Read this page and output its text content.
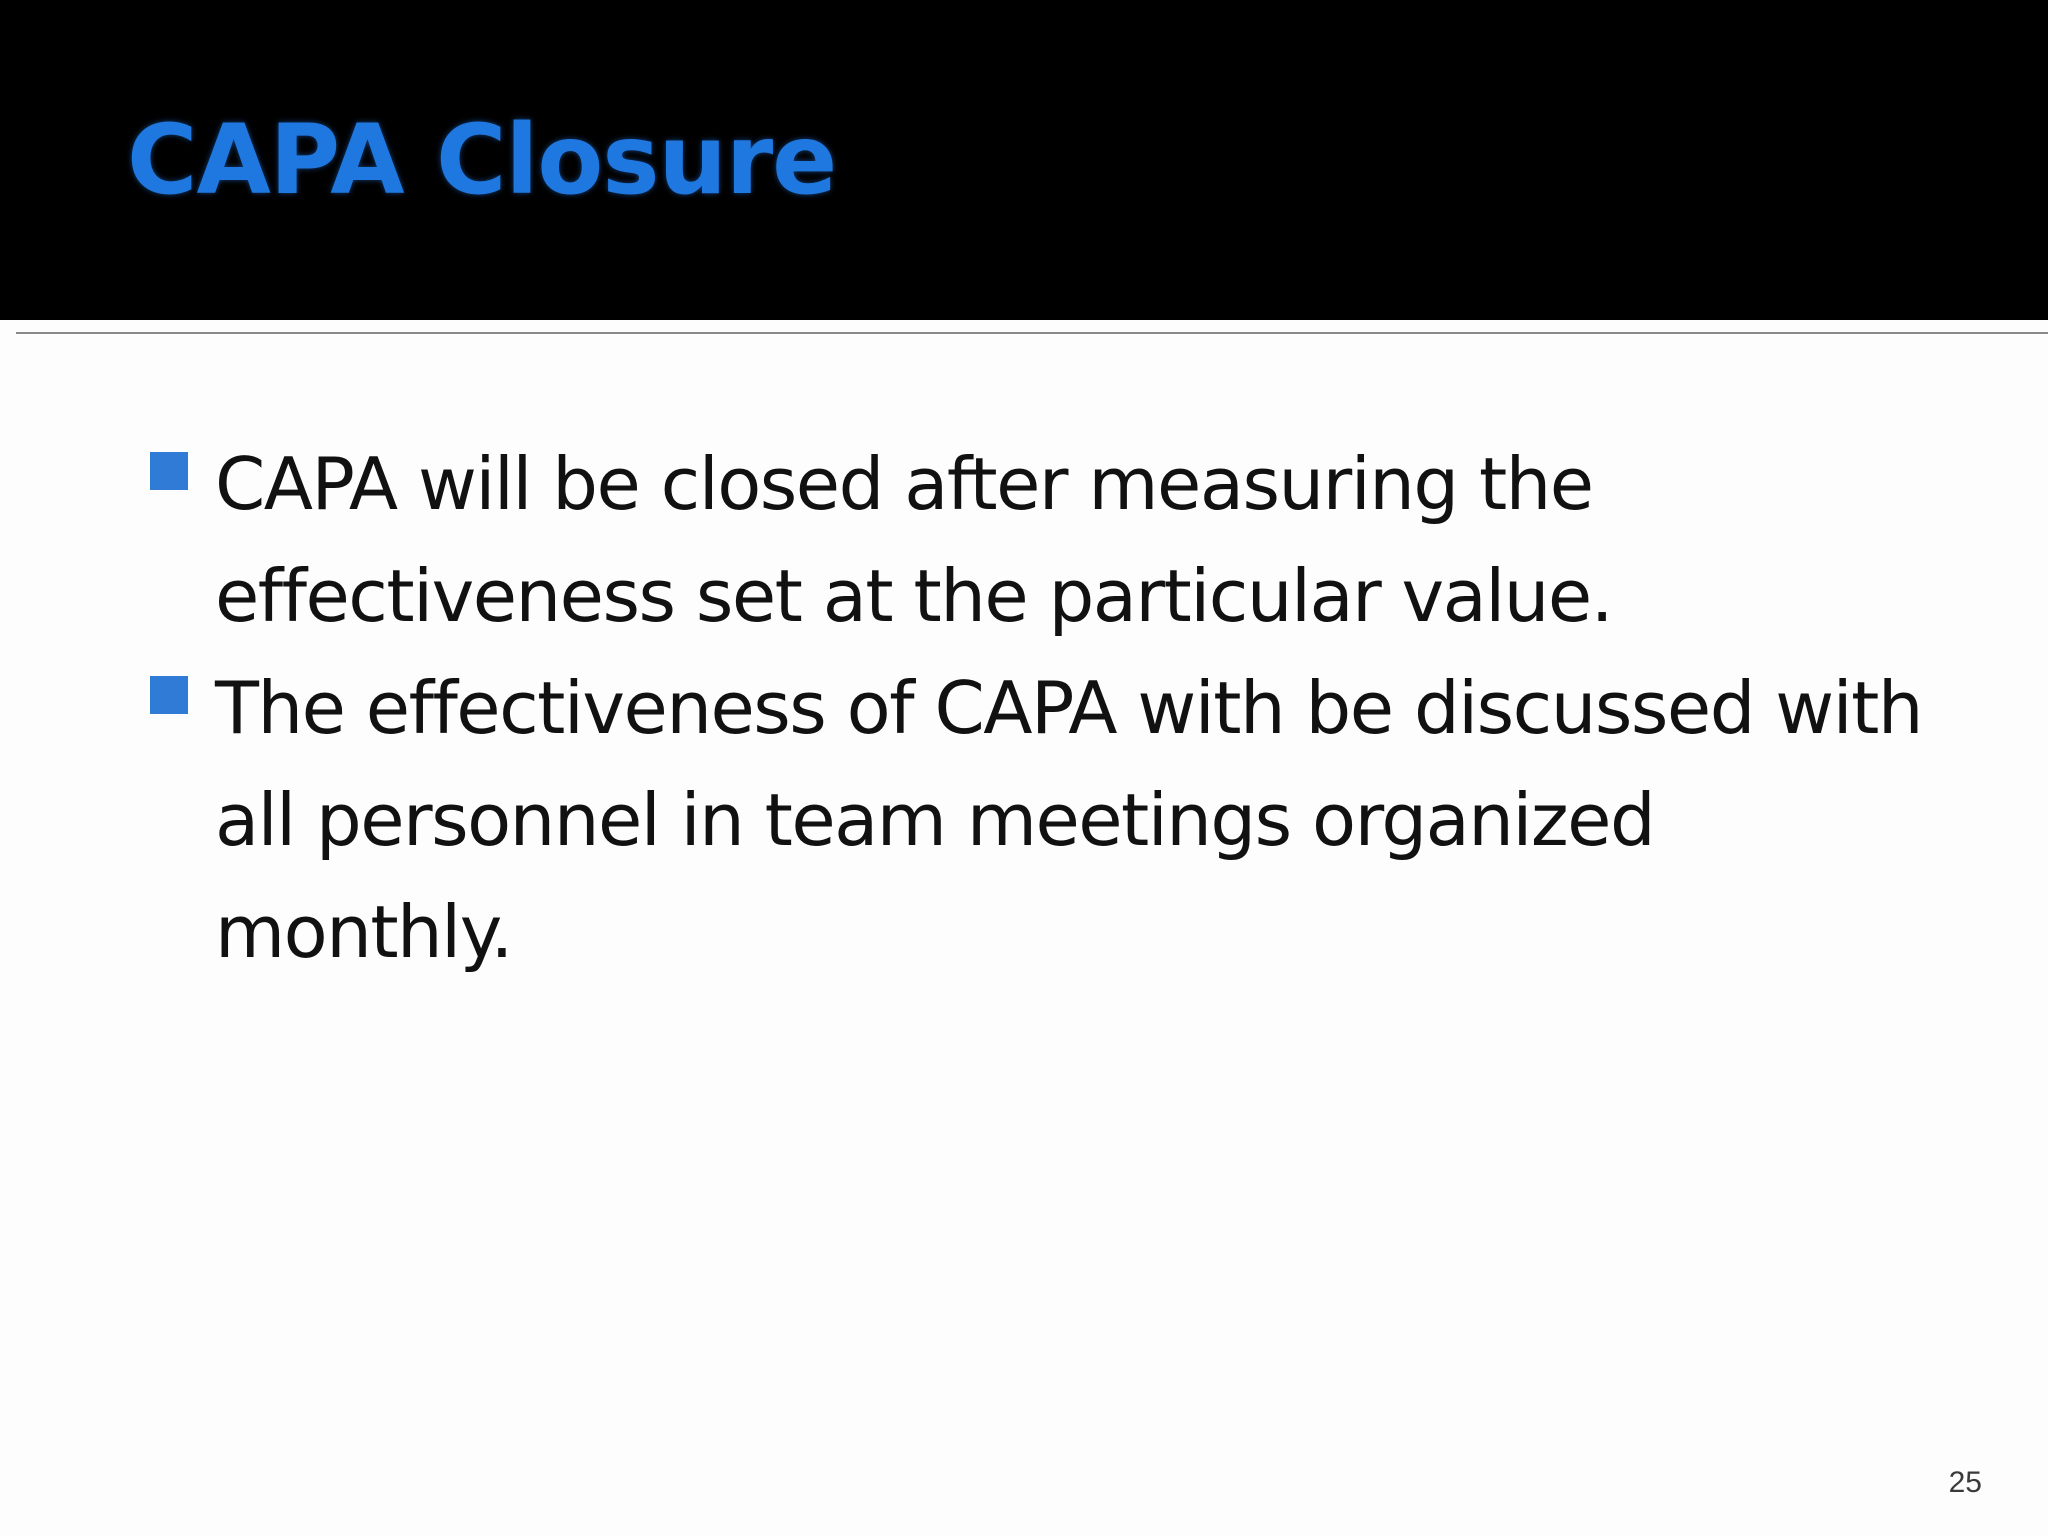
CAPA Closure
CAPA will be closed after measuring the effectiveness set at the particular value.
The effectiveness of CAPA with be discussed with all personnel in team meetings organized monthly.
25
